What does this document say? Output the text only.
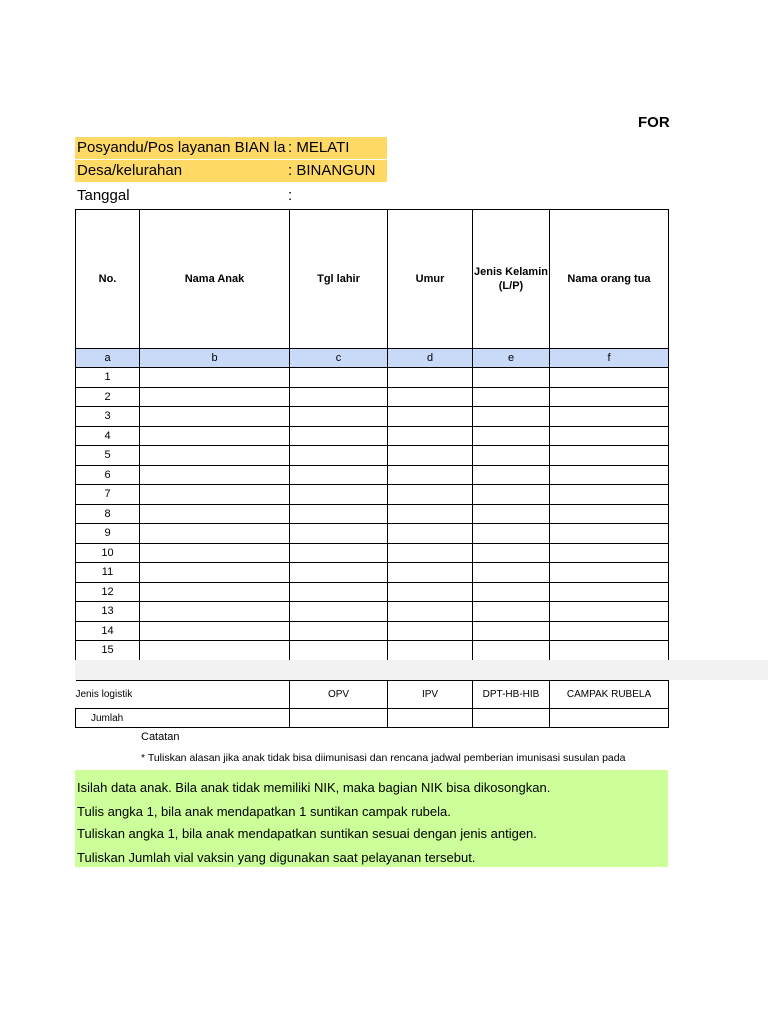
FOR
Posyandu/Pos layanan BIAN la : MELATI
Desa/kelurahan	: BINANGUN
Tanggal	:
No.	Nama Anak	Tgl lahir	Umur	Jenis Kelamin (L/P)	Nama orang tua
a	b	c	d	e	f
1					
2					
3					
4					
5					
6					
7					
8					
9					
10					
11					
12					
13					
14					
15					
Jenis logistik	OPV	IPV	DPT-HB-HIB	CAMPAK RUBELA
Jumlah				
Catatan
* Tuliskan alasan jika anak tidak bisa diimunisasi dan rencana jadwal pemberian imunisasi susulan pada
Isilah data anak. Bila anak tidak memiliki NIK, maka bagian NIK bisa dikosongkan.
Tulis angka 1, bila anak mendapatkan 1 suntikan campak rubela.
Tuliskan angka 1, bila anak mendapatkan suntikan sesuai dengan jenis antigen.
Tuliskan Jumlah vial vaksin yang digunakan saat pelayanan tersebut.
